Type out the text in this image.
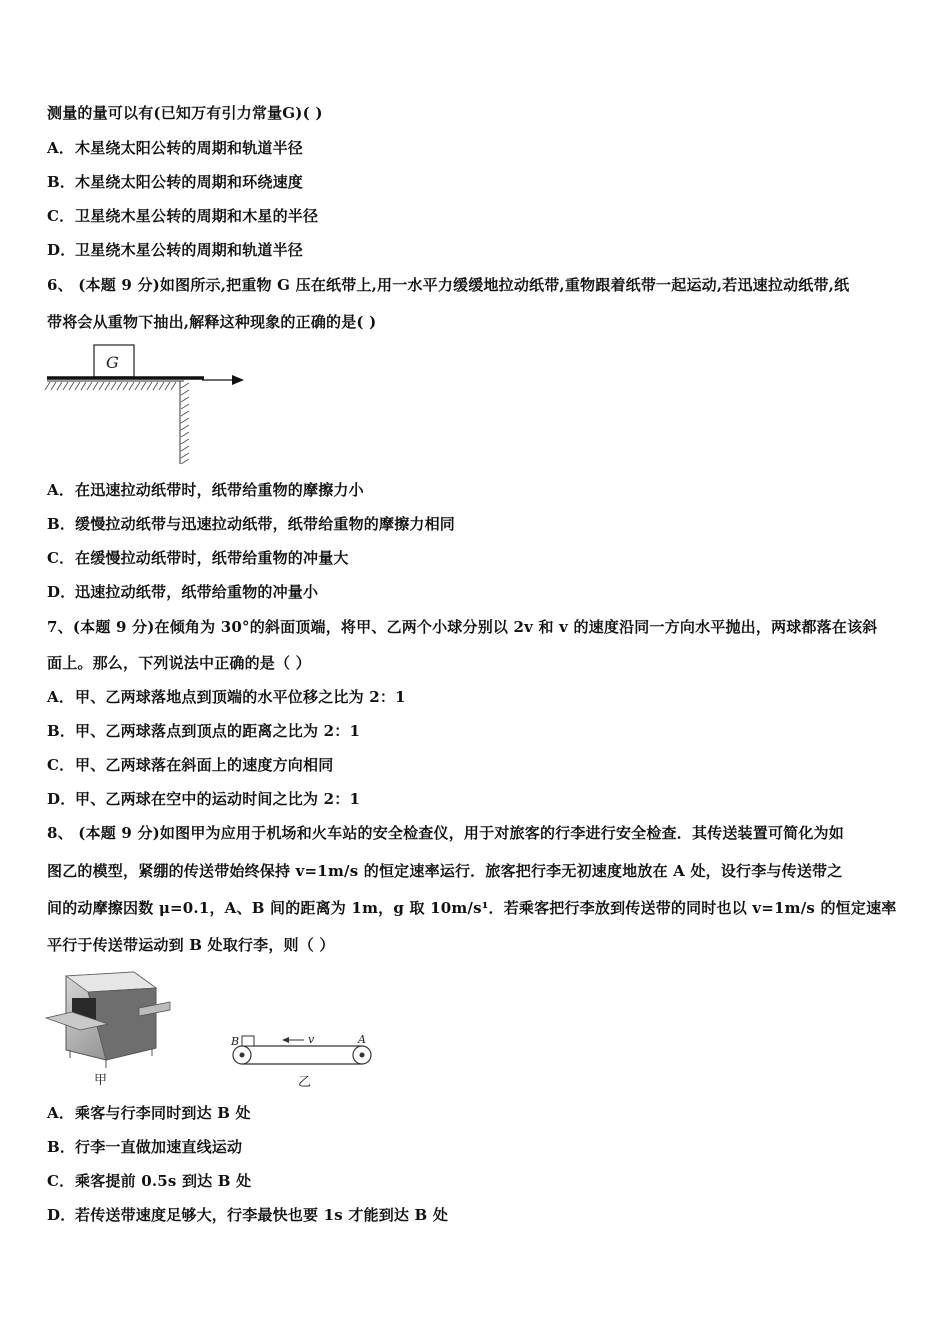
测量的量可以有(已知万有引力常量G)( )
A．木星绕太阳公转的周期和轨道半径
B．木星绕太阳公转的周期和环绕速度
C．卫星绕木星公转的周期和木星的半径
D．卫星绕木星公转的周期和轨道半径
6、 (本题 9 分)如图所示,把重物 G 压在纸带上,用一水平力缓缓地拉动纸带,重物跟着纸带一起运动,若迅速拉动纸带,纸
带将会从重物下抽出,解释这种现象的正确的是( )
G
A．在迅速拉动纸带时，纸带给重物的摩擦力小
B．缓慢拉动纸带与迅速拉动纸带，纸带给重物的摩擦力相同
C．在缓慢拉动纸带时，纸带给重物的冲量大
D．迅速拉动纸带，纸带给重物的冲量小
7、(本题 9 分)在倾角为 30°的斜面顶端，将甲、乙两个小球分别以 2v 和 v 的速度沿同一方向水平抛出，两球都落在该斜
面上。那么，下列说法中正确的是（ ）
A．甲、乙两球落地点到顶端的水平位移之比为 2：1
B．甲、乙两球落点到顶点的距离之比为 2：1
C．甲、乙两球落在斜面上的速度方向相同
D．甲、乙两球在空中的运动时间之比为 2：1
8、 (本题 9 分)如图甲为应用于机场和火车站的安全检查仪，用于对旅客的行李进行安全检查．其传送装置可简化为如
图乙的模型，紧绷的传送带始终保持 v=1m/s 的恒定速率运行．旅客把行李无初速度地放在 A 处，设行李与传送带之
间的动摩擦因数 μ=0.1，A、B 间的距离为 1m，g 取 10m/s¹．若乘客把行李放到传送带的同时也以 v=1m/s 的恒定速率
平行于传送带运动到 B 处取行李，则（ ）
甲
B	A
v
乙
A．乘客与行李同时到达 B 处
B．行李一直做加速直线运动
C．乘客提前 0.5s 到达 B 处
D．若传送带速度足够大，行李最快也要 1s 才能到达 B 处
